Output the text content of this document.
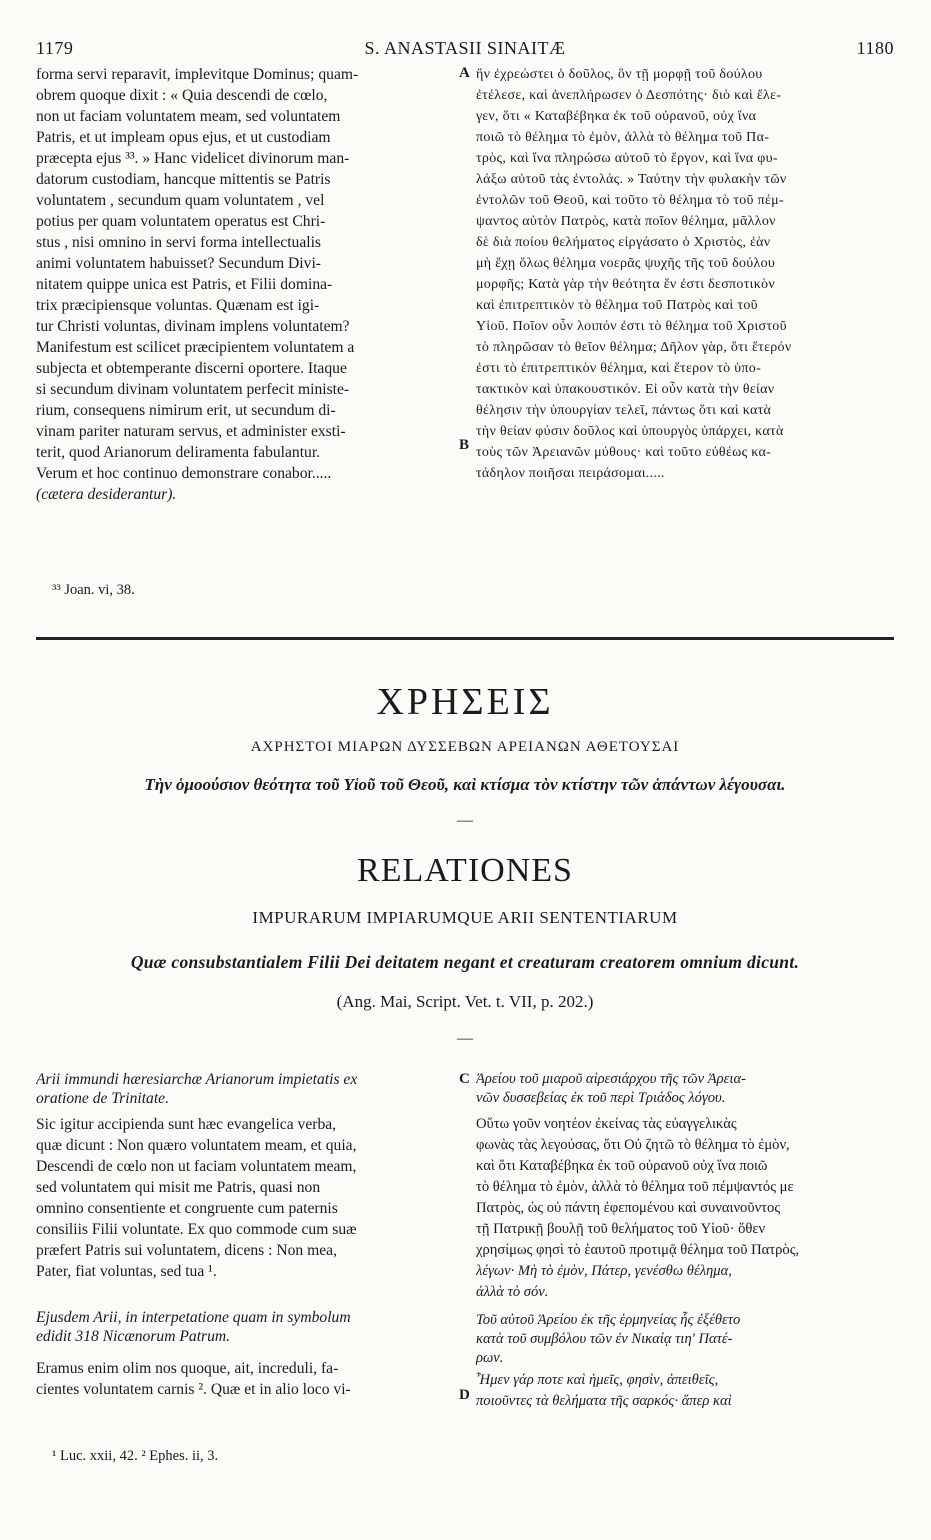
1179	S. ANASTASII SINAITÆ	1180
forma servi reparavit, implevitque Dominus; quam-
obrem quoque dixit : « Quia descendi de cœlo,
non ut faciam voluntatem meam, sed voluntatem
Patris, et ut impleam opus ejus, et ut custodiam
præcepta ejus ³³. » Hanc videlicet divinorum man-
datorum custodiam, hancque mittentis se Patris
voluntatem , secundum quam voluntatem , vel
potius per quam voluntatem operatus est Chri-
stus , nisi omnino in servi forma intellectualis
animi voluntatem habuisset? Secundum Divi-
nitatem quippe unica est Patris, et Filii domina-
trix præcipiensque voluntas. Quænam est igi-
tur Christi voluntas, divinam implens voluntatem?
Manifestum est scilicet præcipientem voluntatem a
subjecta et obtemperante discerni oportere. Itaque
si secundum divinam voluntatem perfecit ministe-
rium, consequens nimirum erit, ut secundum di-
vinam pariter naturam servus, et administer exsti-
terit, quod Arianorum deliramenta fabulantur.
Verum et hoc continuo demonstrare conabor.....
(cætera desiderantur).
³³ Joan. vi, 38.
A
B
C
D
ἣν ἐχρεώστει ὁ δοῦλος, ὃν τῇ μορφῇ τοῦ δούλου
ἐτέλεσε, καὶ ἀνεπλήρωσεν ὁ Δεσπότης· διὸ καὶ ἔλε-
γεν, ὅτι « Καταβέβηκα ἐκ τοῦ οὐρανοῦ, οὐχ ἵνα
ποιῶ τὸ θέλημα τὸ ἐμὸν, ἀλλὰ τὸ θέλημα τοῦ Πα-
τρὸς, καὶ ἵνα πληρώσω αὐτοῦ τὸ ἔργον, καὶ ἵνα φυ-
λάξω αὐτοῦ τὰς ἐντολάς. » Ταύτην τὴν φυλακὴν τῶν
ἐντολῶν τοῦ Θεοῦ, καὶ τοῦτο τὸ θέλημα τὸ τοῦ πέμ-
ψαντος αὐτὸν Πατρὸς, κατὰ ποῖον θέλημα, μᾶλλον
δὲ διὰ ποίου θελήματος εἰργάσατο ὁ Χριστὸς, ἐὰν
μὴ ἔχῃ ὅλως θέλημα νοερᾶς ψυχῆς τῆς τοῦ δούλου
μορφῆς; Κατὰ γὰρ τὴν θεότητα ἕν ἐστι δεσποτικὸν
καὶ ἐπιτρεπτικὸν τὸ θέλημα τοῦ Πατρὸς καὶ τοῦ
Υἱοῦ. Ποῖον οὖν λοιπόν ἐστι τὸ θέλημα τοῦ Χριστοῦ
τὸ πληρῶσαν τὸ θεῖον θέλημα; Δῆλον γὰρ, ὅτι ἕτερόν
ἐστι τὸ ἐπιτρεπτικὸν θέλημα, καὶ ἕτερον τὸ ὑπο-
τακτικὸν καὶ ὑπακουστικόν. Εἰ οὖν κατὰ τὴν θείαν
θέλησιν τὴν ὑπουργίαν τελεῖ, πάντως ὅτι καὶ κατὰ
τὴν θείαν φύσιν δοῦλος καὶ ὑπουργὸς ὑπάρχει, κατὰ
τοὺς τῶν Ἀρειανῶν μύθους· καὶ τοῦτο εὐθέως κα-
τάδηλον ποιῆσαι πειράσομαι.....
ΧΡΗΣΕΙΣ
ΑΧΡΗΣΤΟΙ ΜΙΑΡΩΝ ΔΥΣΣΕΒΩΝ ΑΡΕΙΑΝΩΝ ΑΘΕΤΟΥΣΑΙ
Τὴν ὁμοούσιον θεότητα τοῦ Υἱοῦ τοῦ Θεοῦ, καὶ κτίσμα τὸν κτίστην τῶν ἁπάντων λέγουσαι.
—
RELATIONES
IMPURARUM IMPIARUMQUE ARII SENTENTIARUM
Quæ consubstantialem Filii Dei deitatem negant et creaturam creatorem omnium dicunt.
(Ang. Mai, Script. Vet. t. VII, p. 202.)
—
Arii immundi hæresiarchæ Arianorum impietatis ex
oratione de Trinitate.
Sic igitur accipienda sunt hæc evangelica verba,
quæ dicunt : Non quæro voluntatem meam, et quia,
Descendi de cœlo non ut faciam voluntatem meam,
sed voluntatem qui misit me Patris, quasi non
omnino consentiente et congruente cum paternis
consiliis Filii voluntate. Ex quo commode cum suæ
præfert Patris sui voluntatem, dicens : Non mea,
Pater, fiat voluntas, sed tua ¹.
Ejusdem Arii, in interpetatione quam in symbolum
edidit 318 Nicænorum Patrum.
Eramus enim olim nos quoque, ait, increduli, fa-
cientes voluntatem carnis ². Quæ et in alio loco vi-
¹ Luc. xxii, 42. ² Ephes. ii, 3.
Ἀρείου τοῦ μιαροῦ αἱρεσιάρχου τῆς τῶν Ἀρεια-
νῶν δυσσεβείας ἐκ τοῦ περὶ Τριάδος λόγου.
Οὕτω γοῦν νοητέον ἐκείνας τὰς εὐαγγελικὰς
φωνὰς τὰς λεγούσας, ὅτι Οὐ ζητῶ τὸ θέλημα τὸ ἐμὸν,
καὶ ὅτι Καταβέβηκα ἐκ τοῦ οὐρανοῦ οὐχ ἵνα ποιῶ
τὸ θέλημα τὸ ἐμὸν, ἀλλὰ τὸ θέλημα τοῦ πέμψαντός με
Πατρὸς, ὡς οὐ πάντη ἐφεπομένου καὶ συναινοῦντος
τῇ Πατρικῇ βουλῇ τοῦ θελήματος τοῦ Υἱοῦ· ὅθεν
χρησίμως φησὶ τὸ ἑαυτοῦ προτιμᾷ θέλημα τοῦ Πατρὸς,
λέγων· Μὴ τὸ ἐμὸν, Πάτερ, γενέσθω θέλημα,
ἀλλὰ τὸ σόν.
Τοῦ αὐτοῦ Ἀρείου ἐκ τῆς ἑρμηνείας ἧς ἐξέθετο
κατὰ τοῦ συμβόλου τῶν ἐν Νικαίᾳ τιη' Πατέ-
ρων.
Ἦμεν γάρ ποτε καὶ ἡμεῖς, φησὶν, ἀπειθεῖς,
ποιοῦντες τὰ θελήματα τῆς σαρκός· ἅπερ καὶ
